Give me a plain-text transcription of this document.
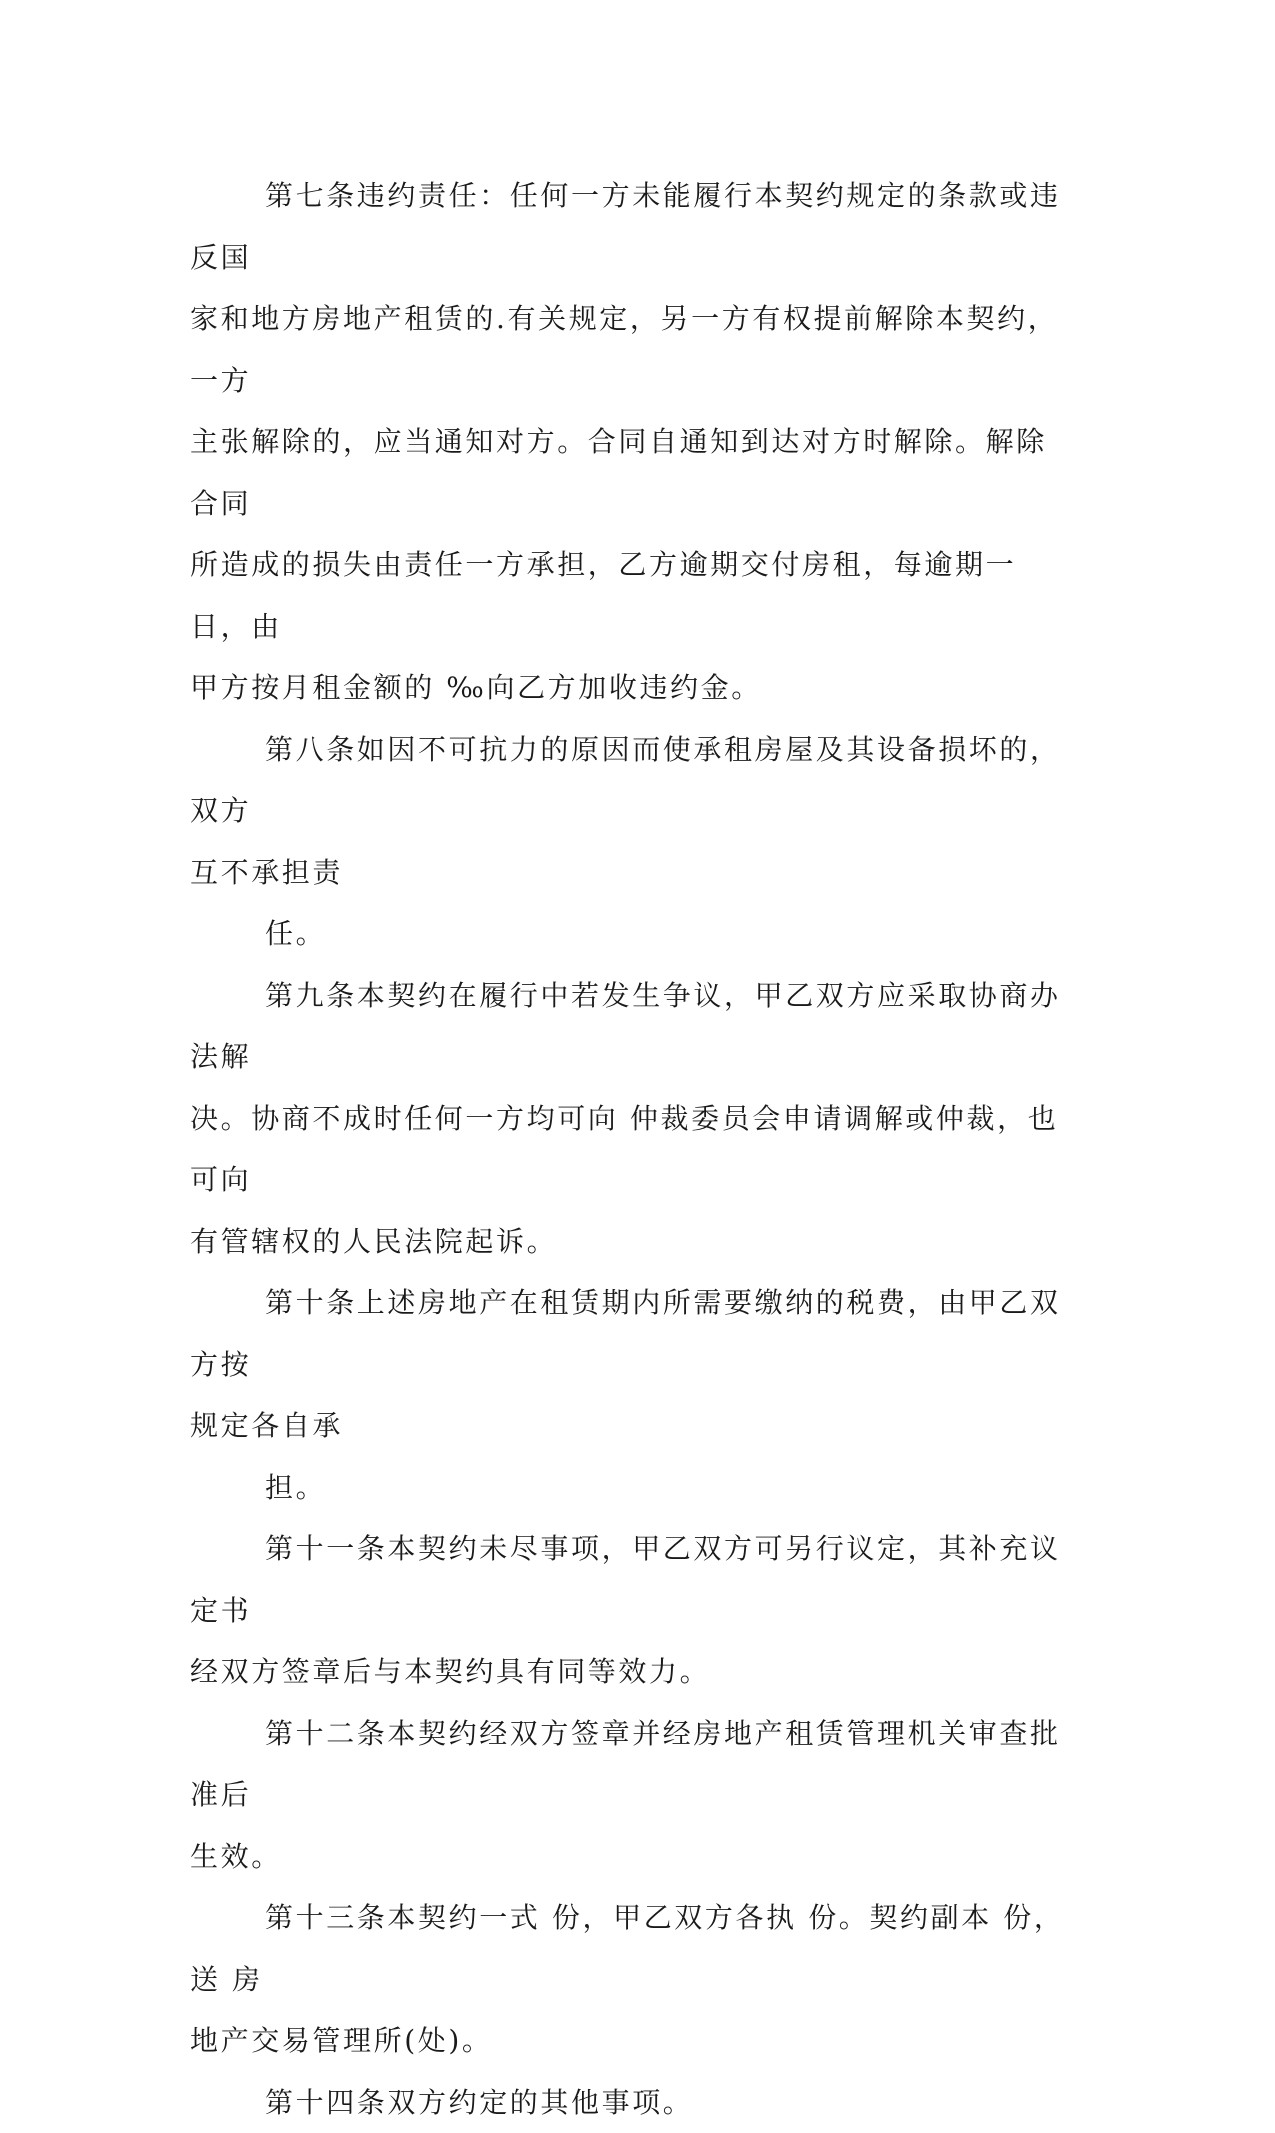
第七条违约责任：任何一方未能履行本契约规定的条款或违反国
家和地方房地产租赁的.有关规定，另一方有权提前解除本契约，一方
主张解除的，应当通知对方。合同自通知到达对方时解除。解除合同
所造成的损失由责任一方承担，乙方逾期交付房租，每逾期一日，由
甲方按月租金额的 ‰向乙方加收违约金。

第八条如因不可抗力的原因而使承租房屋及其设备损坏的，双方
互不承担责

任。

第九条本契约在履行中若发生争议，甲乙双方应采取协商办法解
决。协商不成时任何一方均可向 仲裁委员会申请调解或仲裁，也可向
有管辖权的人民法院起诉。

第十条上述房地产在租赁期内所需要缴纳的税费，由甲乙双方按
规定各自承

担。

第十一条本契约未尽事项，甲乙双方可另行议定，其补充议定书
经双方签章后与本契约具有同等效力。

第十二条本契约经双方签章并经房地产租赁管理机关审查批准后
生效。

第十三条本契约一式 份，甲乙双方各执 份。契约副本 份，送 房
地产交易管理所(处)。

第十四条双方约定的其他事项。
